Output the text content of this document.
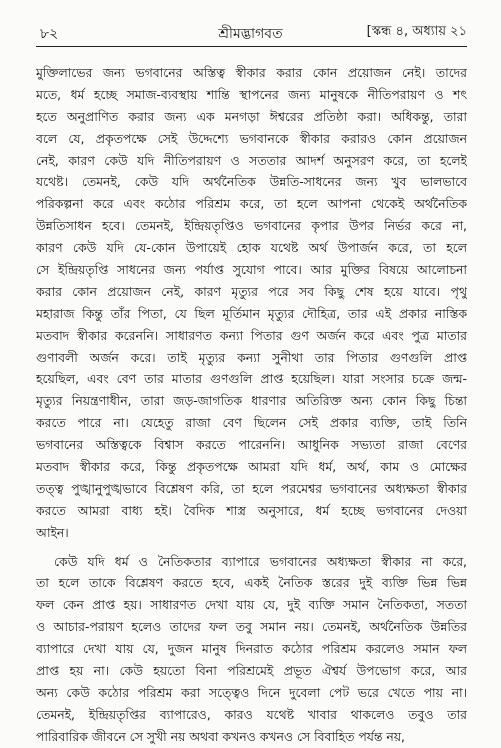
৮২	শ্রীমদ্ভাগবত	[স্কন্ধ ৪, অধ্যায় ২১
মুক্তিলাভের জন্য ভগবানের অস্তিত্ব স্বীকার করার কোন প্রয়োজন নেই। তাদের
মতে, ধর্ম হচ্ছে সমাজ-ব্যবস্থায় শান্তি স্থাপনের জন্য মানুষকে নীতিপরায়ণ ও শৎ
হতে অনুপ্রাণিত করার জন্য এক মনগড়া ঈশ্বরের প্রতিষ্ঠা করা। অধিকন্তু, তারা
বলে যে, প্রকৃতপক্ষে সেই উদ্দেশ্যে ভগবানকে স্বীকার করারও কোন প্রয়োজন
নেই, কারণ কেউ যদি নীতিপরায়ণ ও সততার আদর্শ অনুসরণ করে, তা হলেই
যথেষ্ট। তেমনই, কেউ যদি অর্থনৈতিক উন্নতি-সাধনের জন্য খুব ভালভাবে
পরিকল্পনা করে এবং কঠোর পরিশ্রম করে, তা হলে আপনা থেকেই অর্থনৈতিক
উন্নতিসাধন হবে। তেমনই, ইন্দ্রিয়তৃপ্তিও ভগবানের কৃপার উপর নির্ভর করে না,
কারণ কেউ যদি যে-কোন উপায়েই হোক যথেষ্ট অর্থ উপার্জন করে, তা হলে
সে ইন্দ্রিয়তৃপ্তি সাধনের জন্য পর্যাপ্ত সুযোগ পাবে। আর মুক্তির বিষয়ে আলোচনা
করার কোন প্রয়োজন নেই, কারণ মৃত্যুর পরে সব কিছু শেষ হয়ে যাবে। পৃথু
মহারাজ কিন্তু তাঁর পিতা, যে ছিল মূর্তিমান মৃত্যুর দৌহিত্র, তার এই প্রকার নাস্তিক
মতবাদ স্বীকার করেননি। সাধারণত কন্যা পিতার গুণ অর্জন করে এবং পুত্র মাতার
গুণাবলী অর্জন করে। তাই মৃত্যুর কন্যা সুনীথা তার পিতার গুণগুলি প্রাপ্ত
হয়েছিল, এবং বেণ তার মাতার গুণগুলি প্রাপ্ত হয়েছিল। যারা সংসার চক্রে জন্ম-
মৃত্যুর নিয়ন্ত্রণাধীন, তারা জড়-জাগতিক ধারণার অতিরিক্ত অন্য কোন কিছু চিন্তা
করতে পারে না। যেহেতু রাজা বেণ ছিলেন সেই প্রকার ব্যক্তি, তাই তিনি
ভগবানের অস্তিত্বকে বিশ্বাস করতে পারেননি। আধুনিক সভ্যতা রাজা বেণের
মতবাদ স্বীকার করে, কিন্তু প্রকৃতপক্ষে আমরা যদি ধর্ম, অর্থ, কাম ও মোক্ষের
তত্ত্ব পুঙ্খানুপুঙ্খভাবে বিশ্লেষণ করি, তা হলে পরমেশ্বর ভগবানের অধ্যক্ষতা স্বীকার
করতে আমরা বাধ্য হই। বৈদিক শাস্ত্র অনুসারে, ধর্ম হচ্ছে ভগবানের দেওয়া
আইন।
কেউ যদি ধর্ম ও নৈতিকতার ব্যাপারে ভগবানের অধ্যক্ষতা স্বীকার না করে,
তা হলে তাকে বিশ্লেষণ করতে হবে, একই নৈতিক স্তরের দুই ব্যক্তি ভিন্ন ভিন্ন
ফল কেন প্রাপ্ত হয়। সাধারণত দেখা যায় যে, দুই ব্যক্তি সমান নৈতিকতা, সততা
ও আচার-পরায়ণ হলেও তাদের ফল তবু সমান নয়। তেমনই, অর্থনৈতিক উন্নতির
ব্যাপারে দেখা যায় যে, দুজন মানুষ দিনরাত কঠোর পরিশ্রম করলেও সমান ফল
প্রাপ্ত হয় না। কেউ হয়তো বিনা পরিশ্রমেই প্রভূত ঐশ্বর্য উপভোগ করে, আর
অন্য কেউ কঠোর পরিশ্রম করা সত্ত্বেও দিনে দুবেলা পেট ভরে খেতে পায় না।
তেমনই, ইন্দ্রিয়তৃপ্তির ব্যাপারেও, কারও যথেষ্ট খাবার থাকলেও তবুও তার
পারিবারিক জীবনে সে সুখী নয় অথবা কখনও কখনও সে বিবাহিত পর্যন্ত নয়,
